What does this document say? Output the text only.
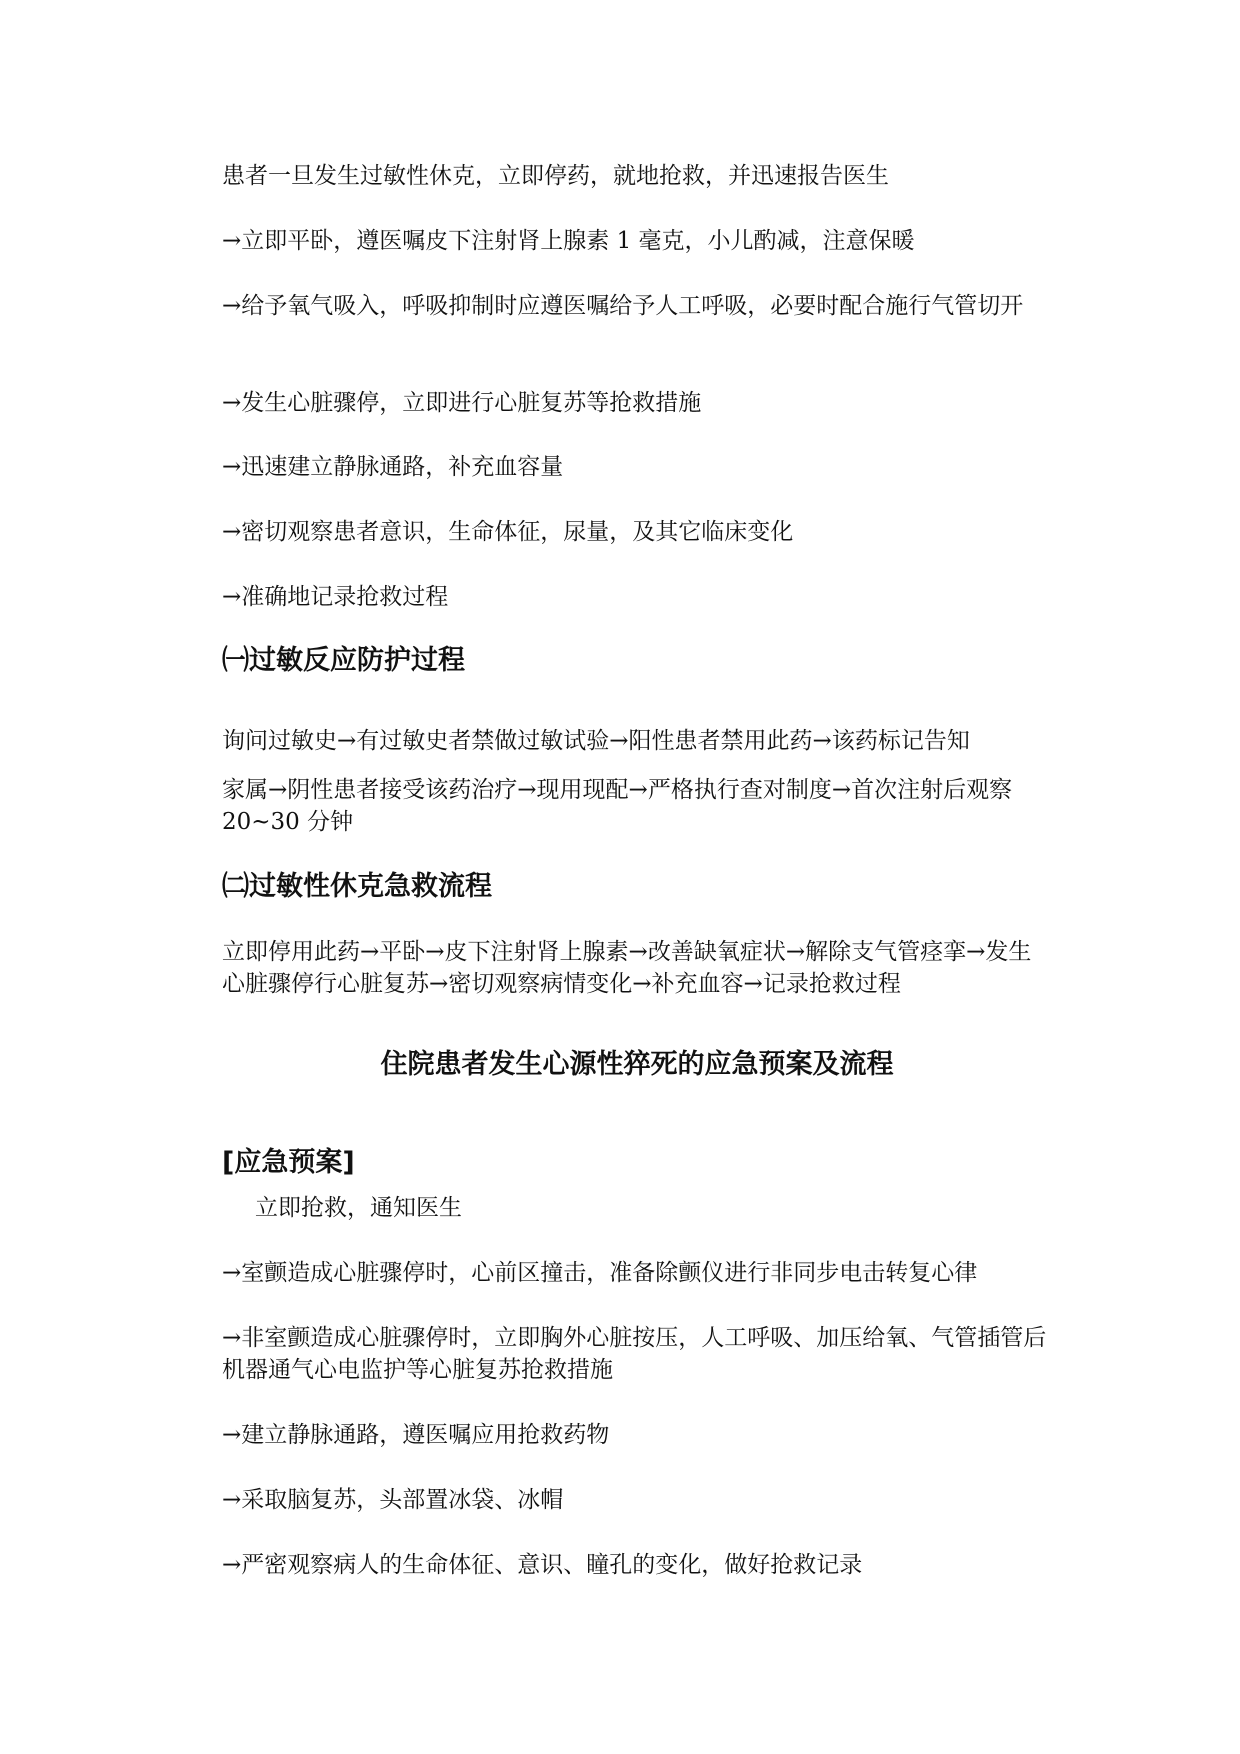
患者一旦发生过敏性休克，立即停药，就地抢救，并迅速报告医生

→立即平卧，遵医嘱皮下注射肾上腺素 1 毫克，小儿酌减，注意保暖

→给予氧气吸入，呼吸抑制时应遵医嘱给予人工呼吸，必要时配合施行气管切开

→发生心脏骤停，立即进行心脏复苏等抢救措施

→迅速建立静脉通路，补充血容量

→密切观察患者意识，生命体征，尿量，及其它临床变化

→准确地记录抢救过程

㈠过敏反应防护过程

询问过敏史→有过敏史者禁做过敏试验→阳性患者禁用此药→该药标记告知

家属→阴性患者接受该药治疗→现用现配→严格执行查对制度→首次注射后观察 20~30 分钟

㈡过敏性休克急救流程

立即停用此药→平卧→皮下注射肾上腺素→改善缺氧症状→解除支气管痉挛→发生心脏骤停行心脏复苏→密切观察病情变化→补充血容→记录抢救过程

住院患者发生心源性猝死的应急预案及流程
[应急预案]

立即抢救，通知医生

→室颤造成心脏骤停时，心前区撞击，准备除颤仪进行非同步电击转复心律

→非室颤造成心脏骤停时，立即胸外心脏按压，人工呼吸、加压给氧、气管插管后机器通气心电监护等心脏复苏抢救措施

→建立静脉通路，遵医嘱应用抢救药物

→采取脑复苏，头部置冰袋、冰帽

→严密观察病人的生命体征、意识、瞳孔的变化，做好抢救记录
